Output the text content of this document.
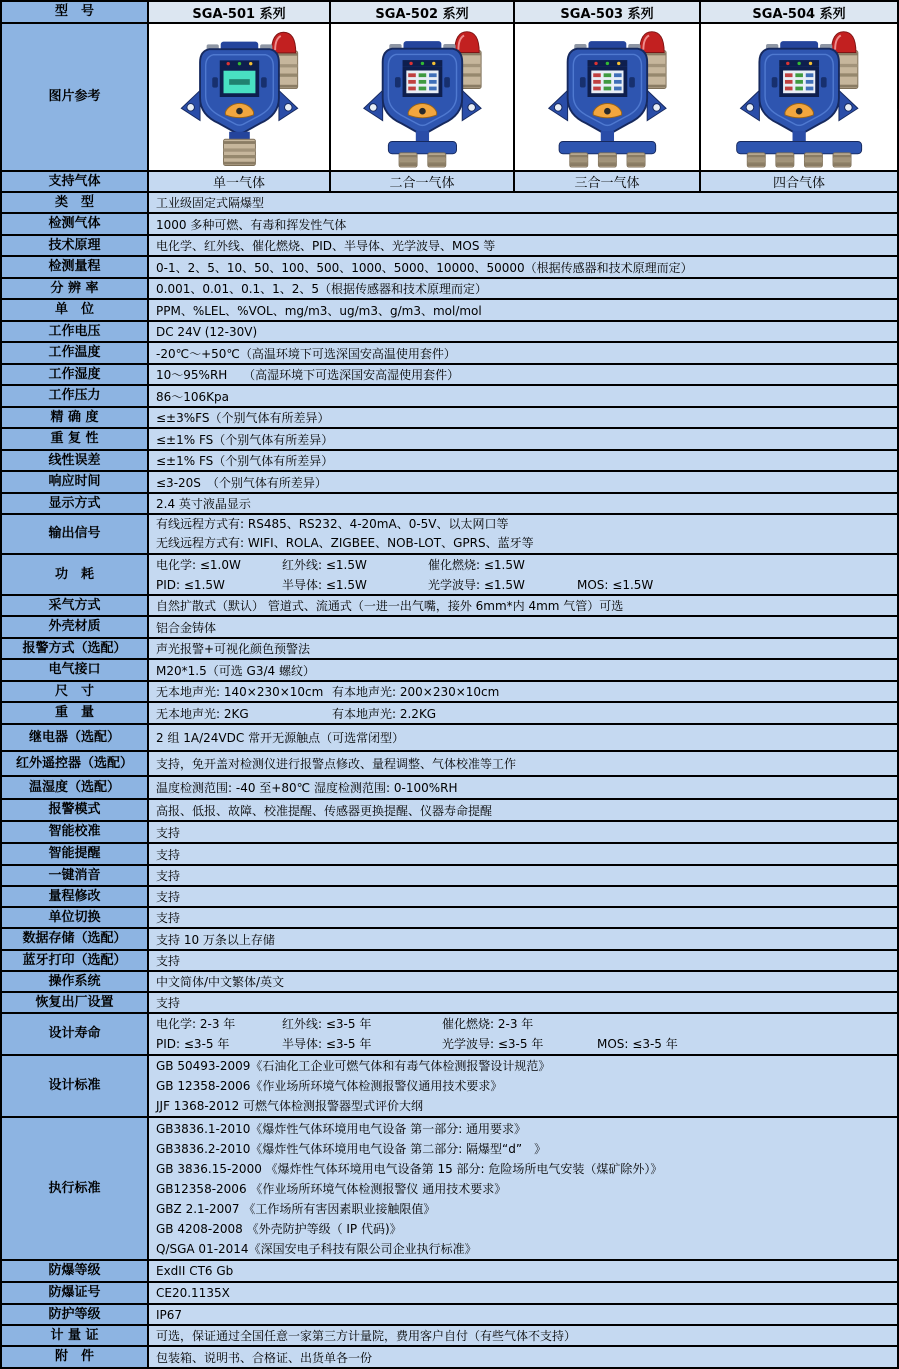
型　号	SGA-501 系列	SGA-502 系列	SGA-503 系列	SGA-504 系列
图片参考
支持气体	单一气体	二合一气体	三合一气体	四合气体
类　型	工业级固定式隔爆型
检测气体	1000 多种可燃、有毒和挥发性气体
技术原理	电化学、红外线、催化燃烧、PID、半导体、光学波导、MOS 等
检测量程	0-1、2、5、10、50、100、500、1000、5000、10000、50000（根据传感器和技术原理而定）
分 辨 率	0.001、0.01、0.1、1、2、5（根据传感器和技术原理而定）
单　位	PPM、%LEL、%VOL、mg/m3、ug/m3、g/m3、mol/mol
工作电压	DC 24V (12-30V)
工作温度	-20℃～+50℃（高温环境下可选深国安高温使用套件）
工作湿度	10～95%RH　 （高湿环境下可选深国安高湿使用套件）
工作压力	86～106Kpa
精 确 度	≤±3%FS（个别气体有所差异）
重 复 性	≤±1% FS（个别气体有所差异）
线性误差	≤±1% FS（个别气体有所差异）
响应时间	≤3-20S　（个别气体有所差异）
显示方式	2.4 英寸液晶显示
输出信号
有线远程方式有: RS485、RS232、4-20mA、0-5V、以太网口等
无线远程方式有: WIFI、ROLA、ZIGBEE、NOB-LOT、GPRS、蓝牙等
功　耗
电化学: ≤1.0W	红外线: ≤1.5W	催化燃烧: ≤1.5W
PID: ≤1.5W	半导体: ≤1.5W	光学波导: ≤1.5W	MOS: ≤1.5W
采气方式	自然扩散式（默认） 管道式、流通式（一进一出气嘴，接外 6mm*内 4mm 气管）可选
外壳材质	铝合金铸体
报警方式（选配）	声光报警+可视化颜色预警法
电气接口	M20*1.5（可选 G3/4 螺纹）
尺　寸	无本地声光: 140×230×10cm 有本地声光: 200×230×10cm
重　量	无本地声光: 2KG	有本地声光: 2.2KG
继电器（选配）	2 组 1A/24VDC 常开无源触点（可选常闭型）
红外遥控器（选配）	支持，免开盖对检测仪进行报警点修改、量程调整、气体校准等工作
温湿度（选配）	温度检测范围: -40 至+80℃ 湿度检测范围: 0-100%RH
报警模式	高报、低报、故障、校准提醒、传感器更换提醒、仪器寿命提醒
智能校准	支持
智能提醒	支持
一键消音	支持
量程修改	支持
单位切换	支持
数据存储（选配）	支持 10 万条以上存储
蓝牙打印（选配）	支持
操作系统	中文简体/中文繁体/英文
恢复出厂设置	支持
设计寿命
电化学: 2-3 年	红外线: ≤3-5 年	催化燃烧: 2-3 年
PID: ≤3-5 年	半导体: ≤3-5 年	光学波导: ≤3-5 年	MOS: ≤3-5 年
设计标准
GB 50493-2009《石油化工企业可燃气体和有毒气体检测报警设计规范》
GB 12358-2006《作业场所环境气体检测报警仪通用技术要求》
JJF 1368-2012 可燃气体检测报警器型式评价大纲
执行标准
GB3836.1-2010《爆炸性气体环境用电气设备 第一部分: 通用要求》
GB3836.2-2010《爆炸性气体环境用电气设备 第二部分: 隔爆型“d”　》
GB 3836.15-2000 《爆炸性气体环境用电气设备第 15 部分: 危险场所电气安装（煤矿除外）》
GB12358-2006 《作业场所环境气体检测报警仪 通用技术要求》
GBZ 2.1-2007 《工作场所有害因素职业接触限值》
GB 4208-2008 《外壳防护等级（ IP 代码)》
Q/SGA 01-2014《深国安电子科技有限公司企业执行标准》
防爆等级	ExdII CT6 Gb
防爆证号	CE20.1135X
防护等级	IP67
计 量 证	可选，保证通过全国任意一家第三方计量院，费用客户自付（有些气体不支持）
附　件	包装箱、说明书、合格证、出货单各一份
